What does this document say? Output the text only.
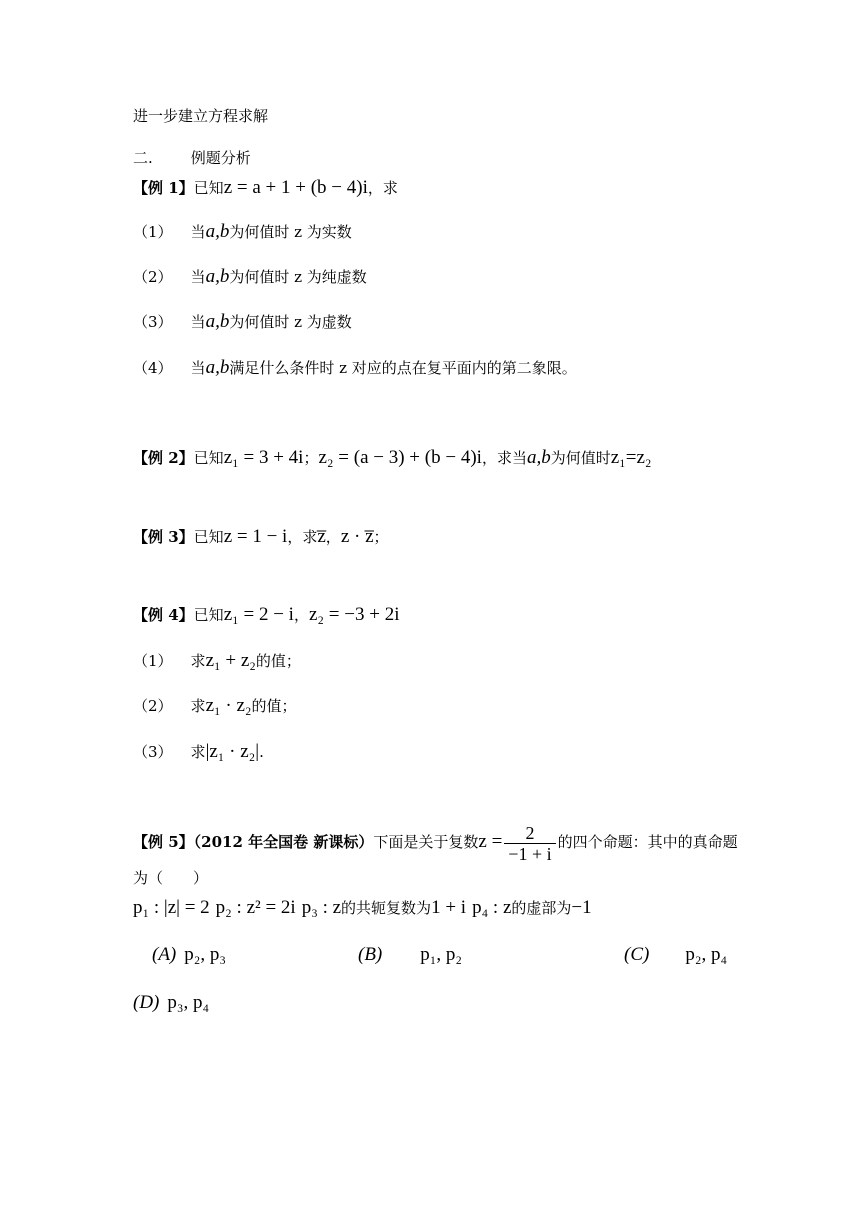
进一步建立方程求解
二.	例题分析
【例 1】已知z = a + 1 + (b − 4)i，求
（1） 当a,b为何值时 z 为实数
（2） 当a,b为何值时 z 为纯虚数
（3） 当a,b为何值时 z 为虚数
（4） 当a,b满足什么条件时 z 对应的点在复平面内的第二象限。
【例 2】已知z₁ = 3 + 4i；z₂ = (a − 3) + (b − 4)i，求当a,b为何值时z₁=z₂
【例 3】已知z = 1 − i，求z̅，z · z̅；
【例 4】已知z₁ = 2 − i，z₂ = −3 + 2i
（1） 求z₁ + z₂的值；
（2） 求z₁ · z₂的值；
（3） 求|z₁ · z₂|.
【例 5】（2012 年全国卷 新课标）下面是关于复数$z = \frac{2}{-1 + i}$ 的四个命题：其中的真命题
为（　　）
p₁ : |z| = 2 p₂ : z² = 2i p₃ : z的共轭复数为1 + i p₄ : z的虚部为−1
(A) p₂, p₃	(B) p₁, p₂	(C) p₂, p₄
(D) p₃, p₄
